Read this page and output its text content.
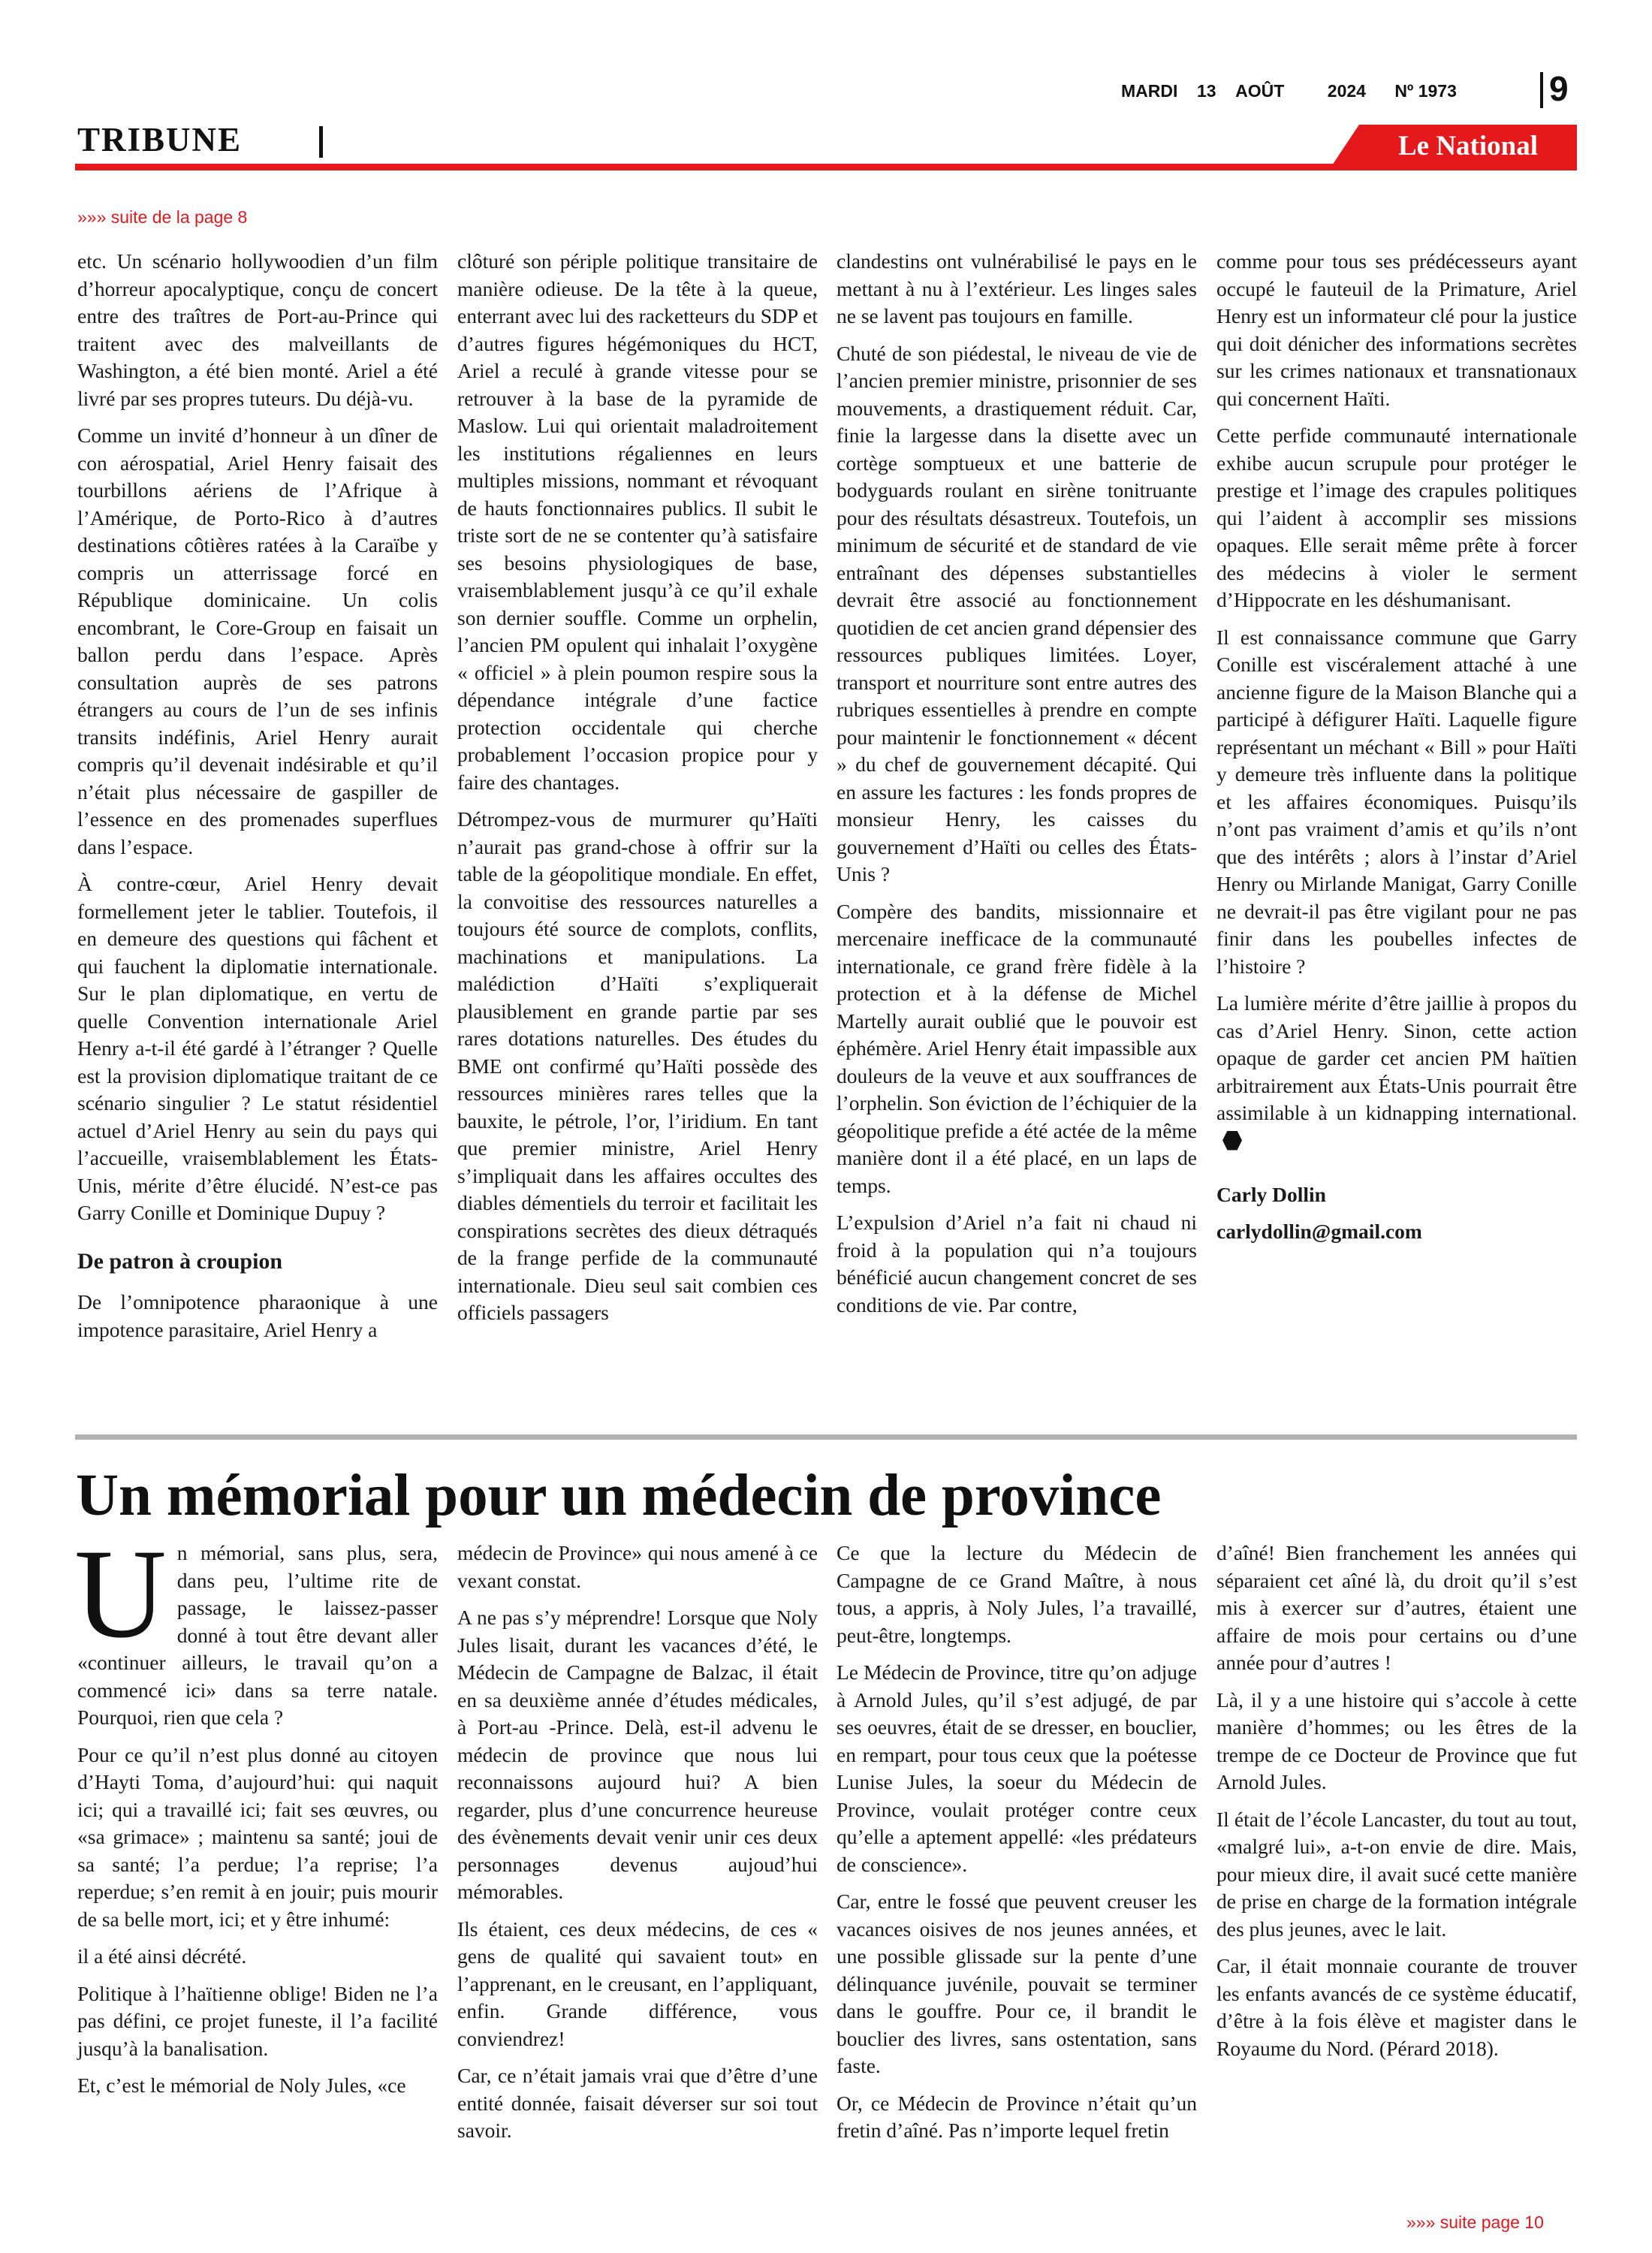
MARDI 13 AOÛT	2024 Nº 1973	9
TRIBUNE	Le National
»»» suite de la page 8

etc. Un scénario hollywoodien d’un film d’horreur apocalyptique, conçu de concert entre des traîtres de Port-au-Prince qui traitent avec des malveillants de Washington, a été bien monté. Ariel a été livré par ses propres tuteurs. Du déjà-vu.

Comme un invité d’honneur à un dîner de con aérospatial, Ariel Henry faisait des tourbillons aériens de l’Afrique à l’Amérique, de Porto-Rico à d’autres destinations côtières ratées à la Caraïbe y compris un atterrissage forcé en République dominicaine. Un colis encombrant, le Core-Group en faisait un ballon perdu dans l’espace. Après consultation auprès de ses patrons étrangers au cours de l’un de ses infinis transits indéfinis, Ariel Henry aurait compris qu’il devenait indésirable et qu’il n’était plus nécessaire de gaspiller de l’essence en des promenades superflues dans l’espace.

À contre-cœur, Ariel Henry devait formellement jeter le tablier. Toutefois, il en demeure des questions qui fâchent et qui fauchent la diplomatie internationale. Sur le plan diplomatique, en vertu de quelle Convention internationale Ariel Henry a-t-il été gardé à l’étranger ? Quelle est la provision diplomatique traitant de ce scénario singulier ? Le statut résidentiel actuel d’Ariel Henry au sein du pays qui l’accueille, vraisemblablement les États-Unis, mérite d’être élucidé. N’est-ce pas Garry Conille et Dominique Dupuy ?

De patron à croupion

De l’omnipotence pharaonique à une impotence parasitaire, Ariel Henry a

clôturé son périple politique transitaire de manière odieuse. De la tête à la queue, enterrant avec lui des racketteurs du SDP et d’autres figures hégémoniques du HCT, Ariel a reculé à grande vitesse pour se retrouver à la base de la pyramide de Maslow. Lui qui orientait maladroitement les institutions régaliennes en leurs multiples missions, nommant et révoquant de hauts fonctionnaires publics. Il subit le triste sort de ne se contenter qu’à satisfaire ses besoins physiologiques de base, vraisemblablement jusqu’à ce qu’il exhale son dernier souffle. Comme un orphelin, l’ancien PM opulent qui inhalait l’oxygène « officiel » à plein poumon respire sous la dépendance intégrale d’une factice protection occidentale qui cherche probablement l’occasion propice pour y faire des chantages.

Détrompez-vous de murmurer qu’Haïti n’aurait pas grand-chose à offrir sur la table de la géopolitique mondiale. En effet, la convoitise des ressources naturelles a toujours été source de complots, conflits, machinations et manipulations. La malédiction d’Haïti s’expliquerait plausiblement en grande partie par ses rares dotations naturelles. Des études du BME ont confirmé qu’Haïti possède des ressources minières rares telles que la bauxite, le pétrole, l’or, l’iridium. En tant que premier ministre, Ariel Henry s’impliquait dans les affaires occultes des diables démentiels du terroir et facilitait les conspirations secrètes des dieux détraqués de la frange perfide de la communauté internationale. Dieu seul sait combien ces officiels passagers

clandestins ont vulnérabilisé le pays en le mettant à nu à l’extérieur. Les linges sales ne se lavent pas toujours en famille.

Chuté de son piédestal, le niveau de vie de l’ancien premier ministre, prisonnier de ses mouvements, a drastiquement réduit. Car, finie la largesse dans la disette avec un cortège somptueux et une batterie de bodyguards roulant en sirène tonitruante pour des résultats désastreux. Toutefois, un minimum de sécurité et de standard de vie entraînant des dépenses substantielles devrait être associé au fonctionnement quotidien de cet ancien grand dépensier des ressources publiques limitées. Loyer, transport et nourriture sont entre autres des rubriques essentielles à prendre en compte pour maintenir le fonctionnement « décent » du chef de gouvernement décapité. Qui en assure les factures : les fonds propres de monsieur Henry, les caisses du gouvernement d’Haïti ou celles des États-Unis ?

Compère des bandits, missionnaire et mercenaire inefficace de la communauté internationale, ce grand frère fidèle à la protection et à la défense de Michel Martelly aurait oublié que le pouvoir est éphémère. Ariel Henry était impassible aux douleurs de la veuve et aux souffrances de l’orphelin. Son éviction de l’échiquier de la géopolitique prefide a été actée de la même manière dont il a été placé, en un laps de temps.

L’expulsion d’Ariel n’a fait ni chaud ni froid à la population qui n’a toujours bénéficié aucun changement concret de ses conditions de vie. Par contre,

comme pour tous ses prédécesseurs ayant occupé le fauteuil de la Primature, Ariel Henry est un informateur clé pour la justice qui doit dénicher des informations secrètes sur les crimes nationaux et transnationaux qui concernent Haïti.

Cette perfide communauté internationale exhibe aucun scrupule pour protéger le prestige et l’image des crapules politiques qui l’aident à accomplir ses missions opaques. Elle serait même prête à forcer des médecins à violer le serment d’Hippocrate en les déshumanisant.

Il est connaissance commune que Garry Conille est viscéralement attaché à une ancienne figure de la Maison Blanche qui a participé à défigurer Haïti. Laquelle figure représentant un méchant « Bill » pour Haïti y demeure très influente dans la politique et les affaires économiques. Puisqu’ils n’ont pas vraiment d’amis et qu’ils n’ont que des intérêts ; alors à l’instar d’Ariel Henry ou Mirlande Manigat, Garry Conille ne devrait-il pas être vigilant pour ne pas finir dans les poubelles infectes de l’histoire ?

La lumière mérite d’être jaillie à propos du cas d’Ariel Henry. Sinon, cette action opaque de garder cet ancien PM haïtien arbitrairement aux États-Unis pourrait être assimilable à un kidnapping international.

Carly Dollin

carlydollin@gmail.com

Un mémorial pour un médecin de province

Un mémorial, sans plus, sera, dans peu, l’ultime rite de passage, le laissez-passer donné à tout être devant aller «continuer ailleurs, le travail qu’on a commencé ici» dans sa terre natale. Pourquoi, rien que cela ?

Pour ce qu’il n’est plus donné au citoyen d’Hayti Toma, d’aujourd’hui: qui naquit ici; qui a travaillé ici; fait ses œuvres, ou «sa grimace» ; maintenu sa santé; joui de sa santé; l’a perdue; l’a reprise; l’a reperdue; s’en remit à en jouir; puis mourir de sa belle mort, ici; et y être inhumé:

il a été ainsi décrété.

Politique à l’haïtienne oblige! Biden ne l’a pas défini, ce projet funeste, il l’a facilité jusqu’à la banalisation.

Et, c’est le mémorial de Noly Jules, «ce

médecin de Province» qui nous amené à ce vexant constat.

A ne pas s’y méprendre! Lorsque que Noly Jules lisait, durant les vacances d’été, le Médecin de Campagne de Balzac, il était en sa deuxième année d’études médicales, à Port-au -Prince. Delà, est-il advenu le médecin de province que nous lui reconnaissons aujourd hui? A bien regarder, plus d’une concurrence heureuse des évènements devait venir unir ces deux personnages devenus aujoud’hui mémorables.

Ils étaient, ces deux médecins, de ces « gens de qualité qui savaient tout» en l’apprenant, en le creusant, en l’appliquant, enfin. Grande différence, vous conviendrez!

Car, ce n’était jamais vrai que d’être d’une entité donnée, faisait déverser sur soi tout savoir.

Ce que la lecture du Médecin de Campagne de ce Grand Maître, à nous tous, a appris, à Noly Jules, l’a travaillé, peut-être, longtemps.

Le Médecin de Province, titre qu’on adjuge à Arnold Jules, qu’il s’est adjugé, de par ses oeuvres, était de se dresser, en bouclier, en rempart, pour tous ceux que la poétesse Lunise Jules, la soeur du Médecin de Province, voulait protéger contre ceux qu’elle a aptement appellé: «les prédateurs de conscience».

Car, entre le fossé que peuvent creuser les vacances oisives de nos jeunes années, et une possible glissade sur la pente d’une délinquance juvénile, pouvait se terminer dans le gouffre. Pour ce, il brandit le bouclier des livres, sans ostentation, sans faste.

Or, ce Médecin de Province n’était qu’un fretin d’aîné. Pas n’importe lequel fretin

d’aîné! Bien franchement les années qui séparaient cet aîné là, du droit qu’il s’est mis à exercer sur d’autres, étaient une affaire de mois pour certains ou d’une année pour d’autres !

Là, il y a une histoire qui s’accole à cette manière d’hommes; ou les êtres de la trempe de ce Docteur de Province que fut Arnold Jules.

Il était de l’école Lancaster, du tout au tout, «malgré lui», a-t-on envie de dire. Mais, pour mieux dire, il avait sucé cette manière de prise en charge de la formation intégrale des plus jeunes, avec le lait.

Car, il était monnaie courante de trouver les enfants avancés de ce système éducatif, d’être à la fois élève et magister dans le Royaume du Nord. (Pérard 2018).

»»» suite page 10
